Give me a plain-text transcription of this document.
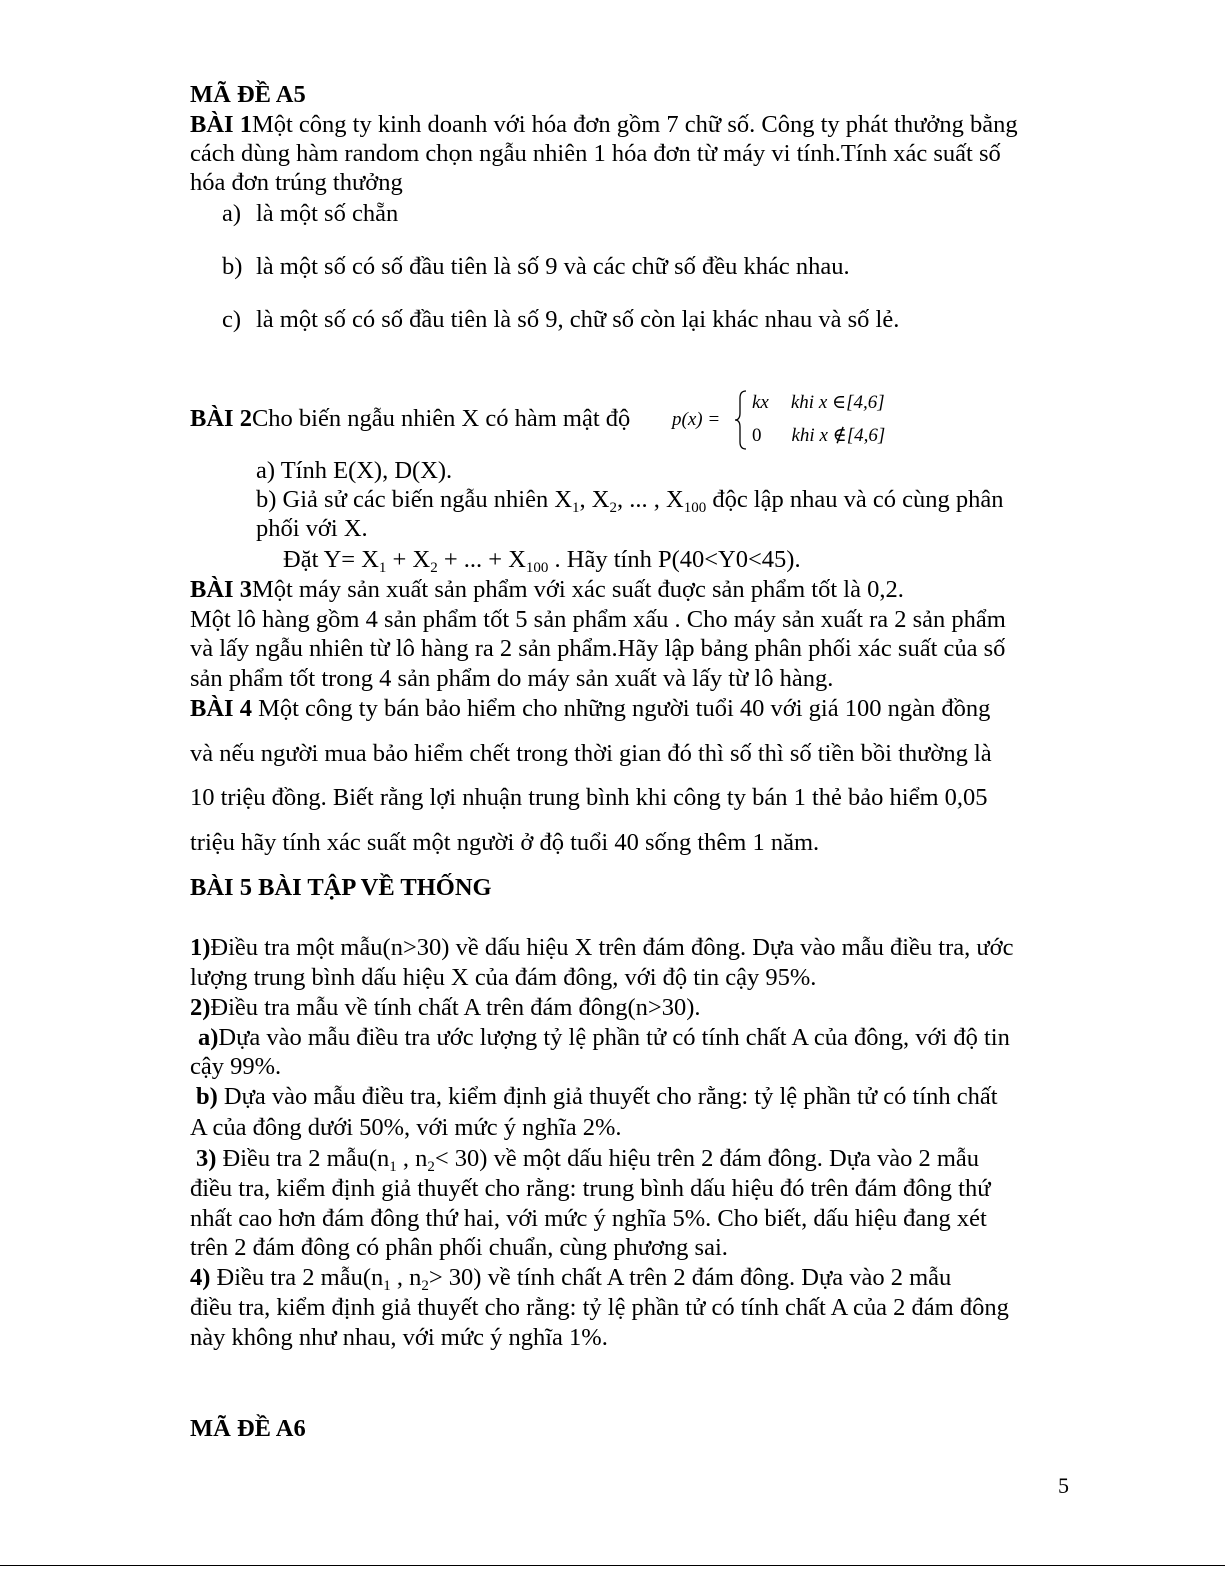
MÃ ĐỀ A5
BÀI 1Một công ty kinh doanh với hóa đơn gồm 7 chữ số. Công ty phát thưởng bằng
cách dùng hàm random chọn ngẫu nhiên 1 hóa đơn từ máy vi tính.Tính xác suất số
hóa đơn trúng thưởng
a) là một số chẵn
b) là một số có số đầu tiên là số 9 và các chữ số đều khác nhau.
c) là một số có số đầu tiên là số 9, chữ số còn lại khác nhau và số lẻ.
BÀI 2Cho biến ngẫu nhiên X có hàm mật độ p(x) =
kx khi x ∈[4,6]
0 khi x ∉[4,6]
a) Tính E(X), D(X).
b) Giả sử các biến ngẫu nhiên $X_1$, $X_2$, ... , $X_{100}$ độc lập nhau và có cùng phân
phối với X.
Đặt $Y= X_1 + X_2$ + ... + $X_{100}$ . Hãy tính P(40<Y0<45).
BÀI 3Một máy sản xuất sản phẩm với xác suất đuợc sản phẩm tốt là 0,2.
Một lô hàng gồm 4 sản phẩm tốt 5 sản phẩm xấu . Cho máy sản xuất ra 2 sản phẩm
và lấy ngẫu nhiên từ lô hàng ra 2 sản phẩm.Hãy lập bảng phân phối xác suất của số
sản phẩm tốt trong 4 sản phẩm do máy sản xuất và lấy từ lô hàng.
BÀI 4 Một công ty bán bảo hiểm cho những người tuổi 40 với giá 100 ngàn đồng
và nếu người mua bảo hiểm chết trong thời gian đó thì số thì số tiền bồi thường là
10 triệu đồng. Biết rằng lợi nhuận trung bình khi công ty bán 1 thẻ bảo hiểm 0,05
triệu hãy tính xác suất một người ở độ tuổi 40 sống thêm 1 năm.
BÀI 5 BÀI TẬP VỀ THỐNG
1)Điều tra một mẫu(n>30) về dấu hiệu X trên đám đông. Dựa vào mẫu điều tra, ước
lượng trung bình dấu hiệu X của đám đông, với độ tin cậy 95%.
2)Điều tra mẫu về tính chất A trên đám đông(n>30).
a)Dựa vào mẫu điều tra ước lượng tỷ lệ phần tử có tính chất A của đông, với độ tin
cậy 99%.
b) Dựa vào mẫu điều tra, kiểm định giả thuyết cho rằng: tỷ lệ phần tử có tính chất
A của đông dưới 50%, với mức ý nghĩa 2%.
3) Điều tra 2 $mẫu(n_1$ , $n_2< 30$) về một dấu hiệu trên 2 đám đông. Dựa vào 2 mẫu
điều tra, kiểm định giả thuyết cho rằng: trung bình dấu hiệu đó trên đám đông thứ
nhất cao hơn đám đông thứ hai, với mức ý nghĩa 5%. Cho biết, dấu hiệu đang xét
trên 2 đám đông có phân phối chuẩn, cùng phương sai.
4) Điều tra 2 $mẫu(n_1$ , $n_2> 30$) về tính chất A trên 2 đám đông. Dựa vào 2 mẫu
điều tra, kiểm định giả thuyết cho rằng: tỷ lệ phần tử có tính chất A của 2 đám đông
này không như nhau, với mức ý nghĩa 1%.
MÃ ĐỀ A6
5
